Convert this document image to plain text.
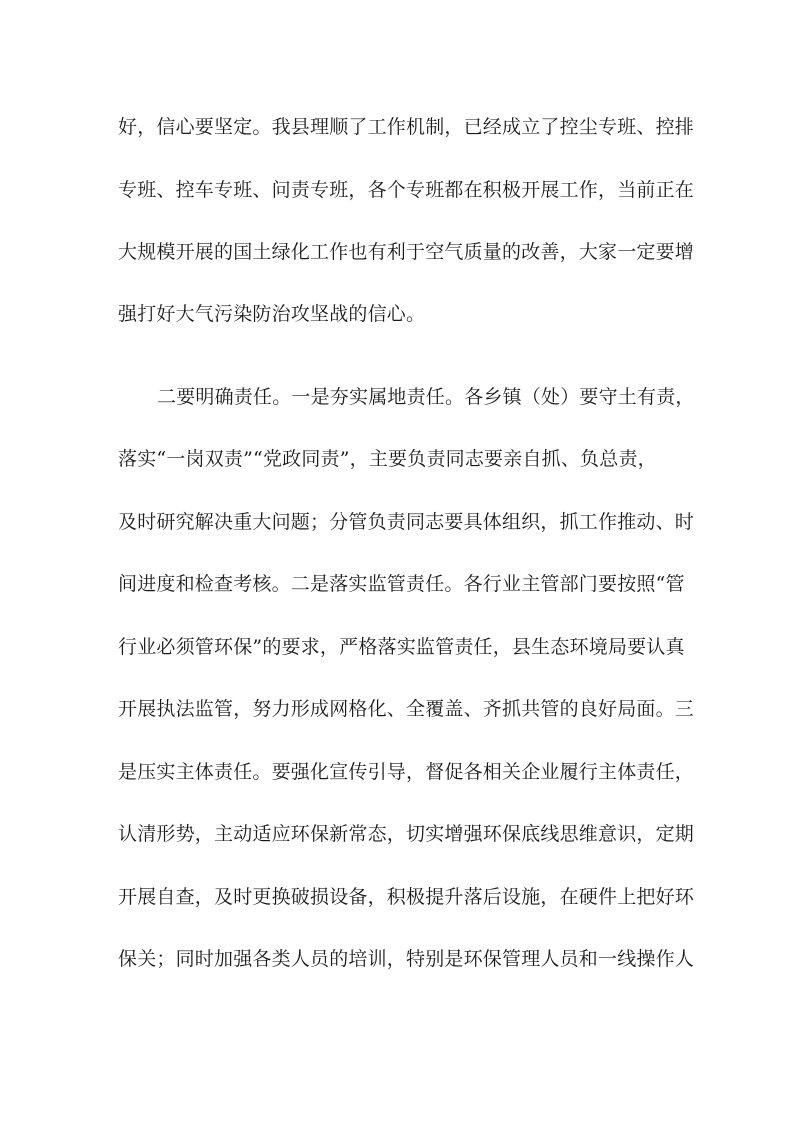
好，信心要坚定。我县理顺了工作机制，已经成立了控尘专班、控排
专班、控车专班、问责专班，各个专班都在积极开展工作，当前正在
大规模开展的国土绿化工作也有利于空气质量的改善，大家一定要增
强打好大气污染防治攻坚战的信心。
二要明确责任。一是夯实属地责任。各乡镇（处）要守土有责，
落实“一岗双责”“党政同责”，主要负责同志要亲自抓、负总责，
及时研究解决重大问题；分管负责同志要具体组织，抓工作推动、时
间进度和检查考核。二是落实监管责任。各行业主管部门要按照“管
行业必须管环保”的要求，严格落实监管责任，县生态环境局要认真
开展执法监管，努力形成网格化、全覆盖、齐抓共管的良好局面。三
是压实主体责任。要强化宣传引导，督促各相关企业履行主体责任，
认清形势，主动适应环保新常态，切实增强环保底线思维意识，定期
开展自查，及时更换破损设备，积极提升落后设施，在硬件上把好环
保关；同时加强各类人员的培训，特别是环保管理人员和一线操作人
